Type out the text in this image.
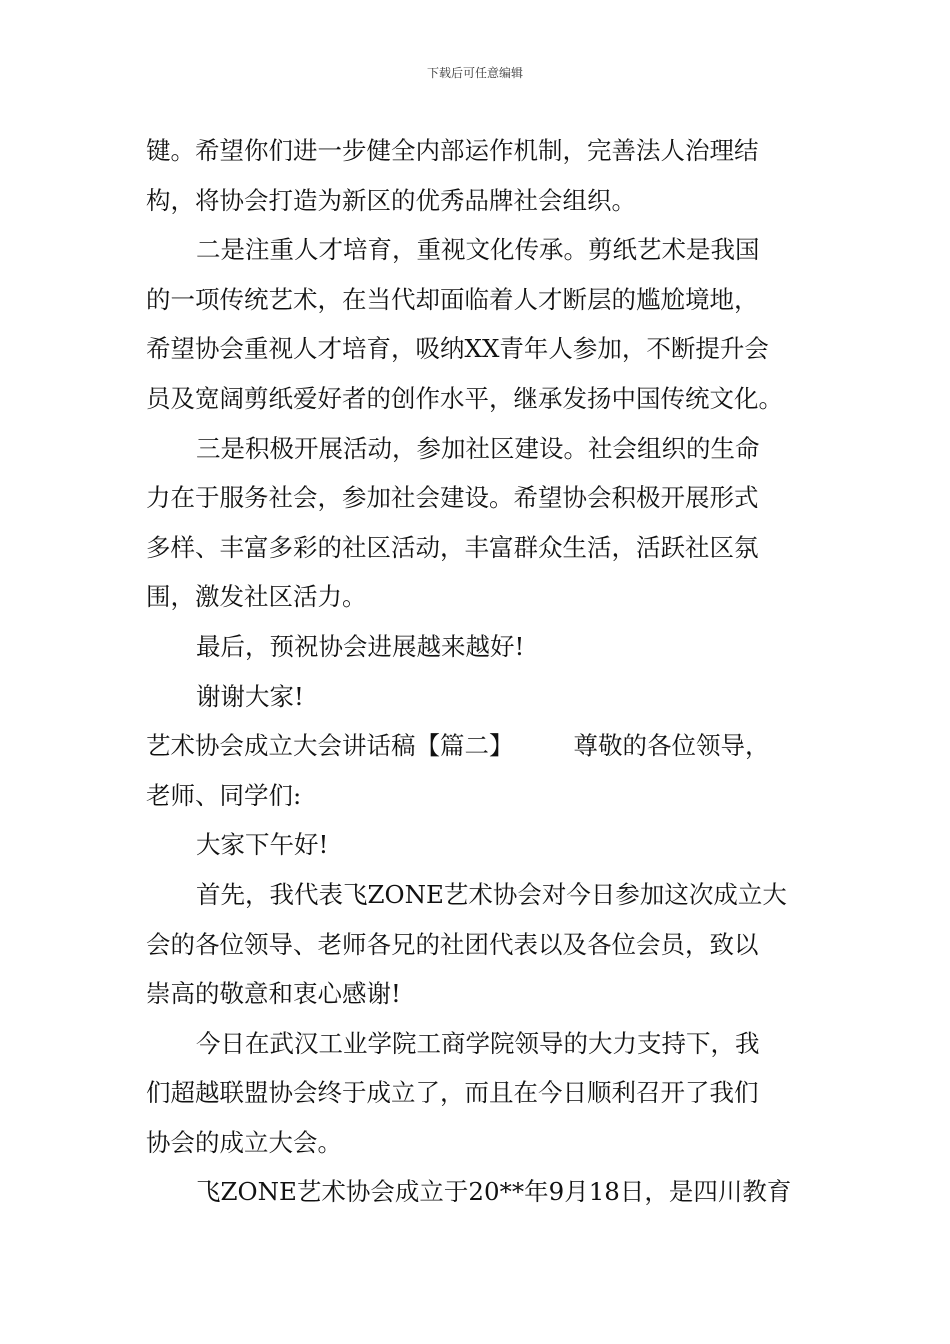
下载后可任意编辑
键。希望你们进一步健全内部运作机制，完善法人治理结
构，将协会打造为新区的优秀品牌社会组织。
二是注重人才培育，重视文化传承。剪纸艺术是我国
的一项传统艺术，在当代却面临着人才断层的尴尬境地，
希望协会重视人才培育，吸纳XX青年人参加，不断提升会
员及宽阔剪纸爱好者的创作水平，继承发扬中国传统文化。
三是积极开展活动，参加社区建设。社会组织的生命
力在于服务社会，参加社会建设。希望协会积极开展形式
多样、丰富多彩的社区活动，丰富群众生活，活跃社区氛
围，激发社区活力。
最后，预祝协会进展越来越好!
谢谢大家!
艺术协会成立大会讲话稿【篇二】 尊敬的各位领导，
老师、同学们:
大家下午好!
首先，我代表飞ZONE艺术协会对今日参加这次成立大
会的各位领导、老师各兄的社团代表以及各位会员，致以
崇高的敬意和衷心感谢!
今日在武汉工业学院工商学院领导的大力支持下，我
们超越联盟协会终于成立了，而且在今日顺利召开了我们
协会的成立大会。
飞ZONE艺术协会成立于20**年9月18日，是四川教育
